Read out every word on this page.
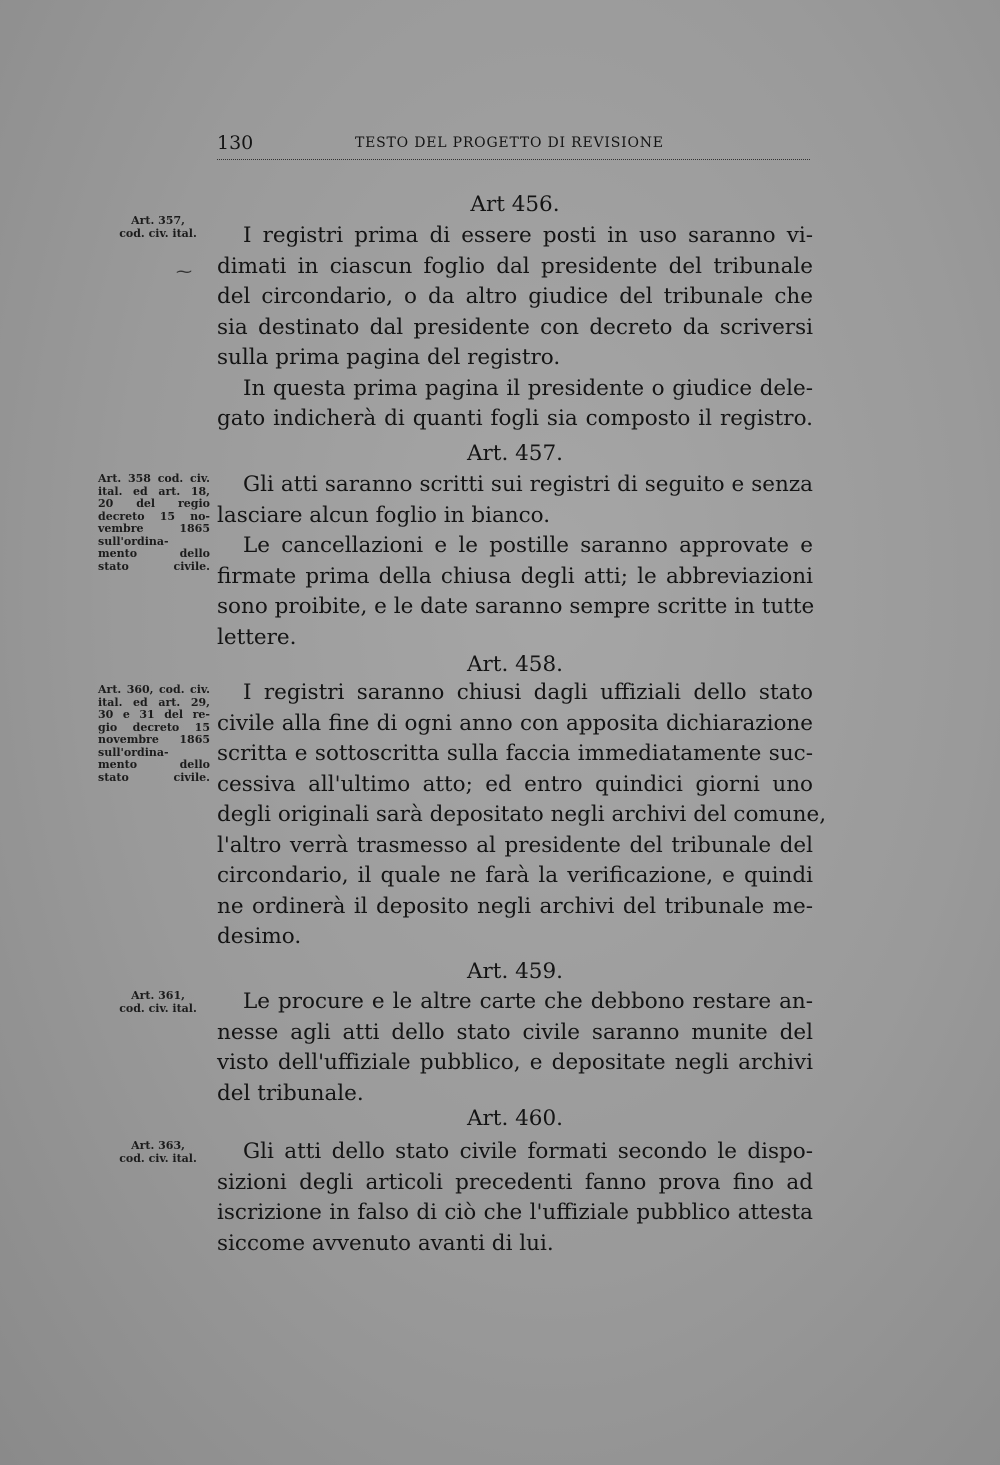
130	TESTO DEL PROGETTO DI REVISIONE
Art 456.
I registri prima di essere posti in uso saranno vi-
dimati in ciascun foglio dal presidente del tribunale
del circondario, o da altro giudice del tribunale che
sia destinato dal presidente con decreto da scriversi
sulla prima pagina del registro.
In questa prima pagina il presidente o giudice dele-
gato indicherà di quanti fogli sia composto il registro.
Art. 457.
Gli atti saranno scritti sui registri di seguito e senza
lasciare alcun foglio in bianco.
Le cancellazioni e le postille saranno approvate e
firmate prima della chiusa degli atti; le abbreviazioni
sono proibite, e le date saranno sempre scritte in tutte
lettere.
Art. 458.
I registri saranno chiusi dagli uffiziali dello stato
civile alla fine di ogni anno con apposita dichiarazione
scritta e sottoscritta sulla faccia immediatamente suc-
cessiva all'ultimo atto; ed entro quindici giorni uno
degli originali sarà depositato negli archivi del comune,
l'altro verrà trasmesso al presidente del tribunale del
circondario, il quale ne farà la verificazione, e quindi
ne ordinerà il deposito negli archivi del tribunale me-
desimo.
Art. 459.
Le procure e le altre carte che debbono restare an-
nesse agli atti dello stato civile saranno munite del
visto dell'uffiziale pubblico, e depositate negli archivi
del tribunale.
Art. 460.
Gli atti dello stato civile formati secondo le dispo-
sizioni degli articoli precedenti fanno prova fino ad
iscrizione in falso di ciò che l'uffiziale pubblico attesta
siccome avvenuto avanti di lui.
Art. 357,
cod. civ. ital.
⁓
Art. 358 cod. civ.
ital. ed art. 18,
20 del regio
decreto 15 no-
vembre 1865
sull'ordina-
mento dello
stato civile.
Art. 360, cod. civ.
ital. ed art. 29,
30 e 31 del re-
gio decreto 15
novembre 1865
sull'ordina-
mento dello
stato civile.
Art. 361,
cod. civ. ital.
Art. 363,
cod. civ. ital.
